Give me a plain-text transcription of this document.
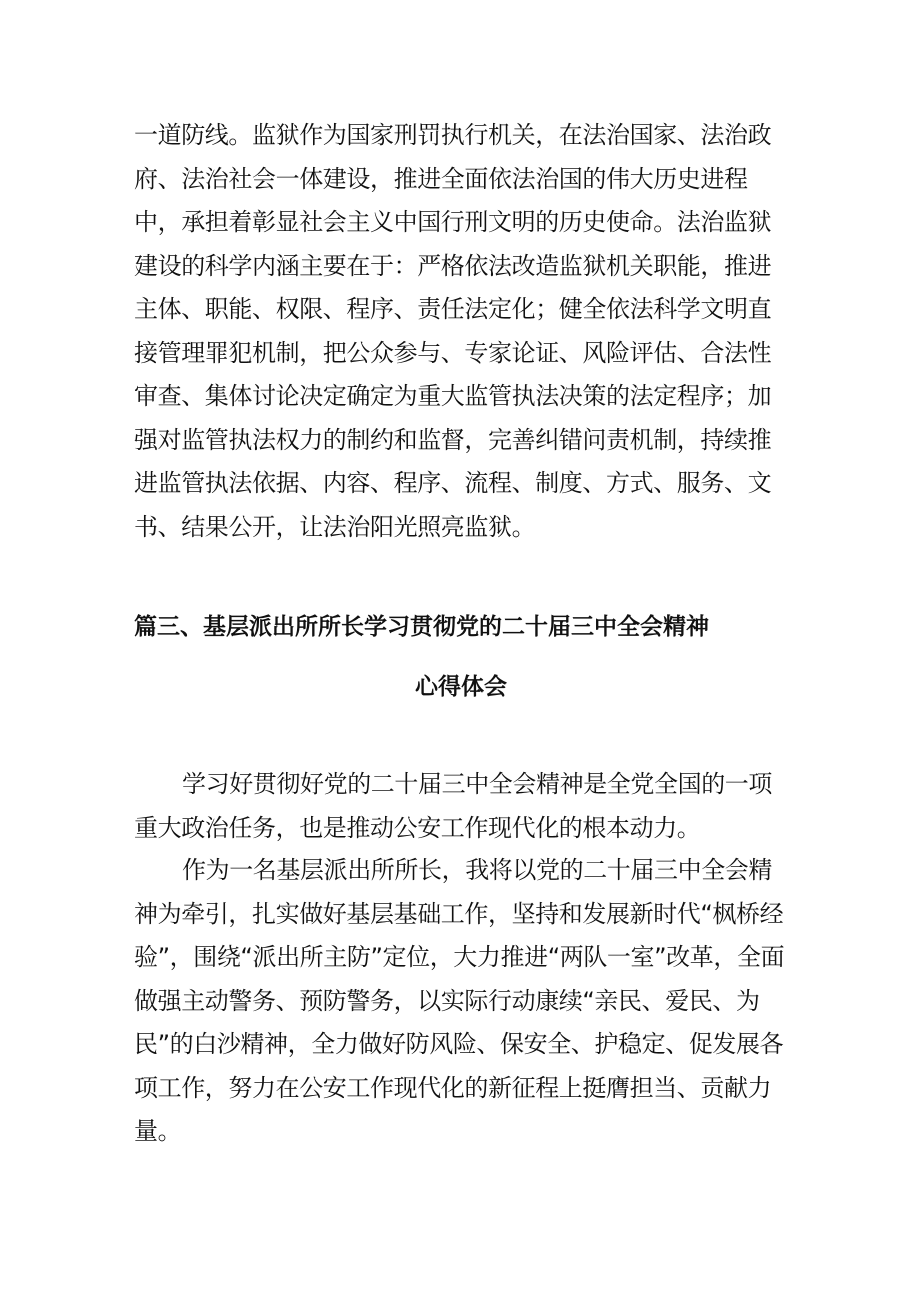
一道防线。监狱作为国家刑罚执行机关，在法治国家、法治政府、法治社会一体建设，推进全面依法治国的伟大历史进程中，承担着彰显社会主义中国行刑文明的历史使命。法治监狱建设的科学内涵主要在于：严格依法改造监狱机关职能，推进主体、职能、权限、程序、责任法定化；健全依法科学文明直接管理罪犯机制，把公众参与、专家论证、风险评估、合法性审查、集体讨论决定确定为重大监管执法决策的法定程序；加强对监管执法权力的制约和监督，完善纠错问责机制，持续推进监管执法依据、内容、程序、流程、制度、方式、服务、文书、结果公开，让法治阳光照亮监狱。
篇三、基层派出所所长学习贯彻党的二十届三中全会精神
心得体会
学习好贯彻好党的二十届三中全会精神是全党全国的一项重大政治任务，也是推动公安工作现代化的根本动力。
作为一名基层派出所所长，我将以党的二十届三中全会精神为牵引，扎实做好基层基础工作，坚持和发展新时代“枫桥经验”，围绕“派出所主防”定位，大力推进“两队一室”改革，全面做强主动警务、预防警务，以实际行动康续“亲民、爱民、为民”的白沙精神，全力做好防风险、保安全、护稳定、促发展各项工作，努力在公安工作现代化的新征程上挺膺担当、贡献力量。
